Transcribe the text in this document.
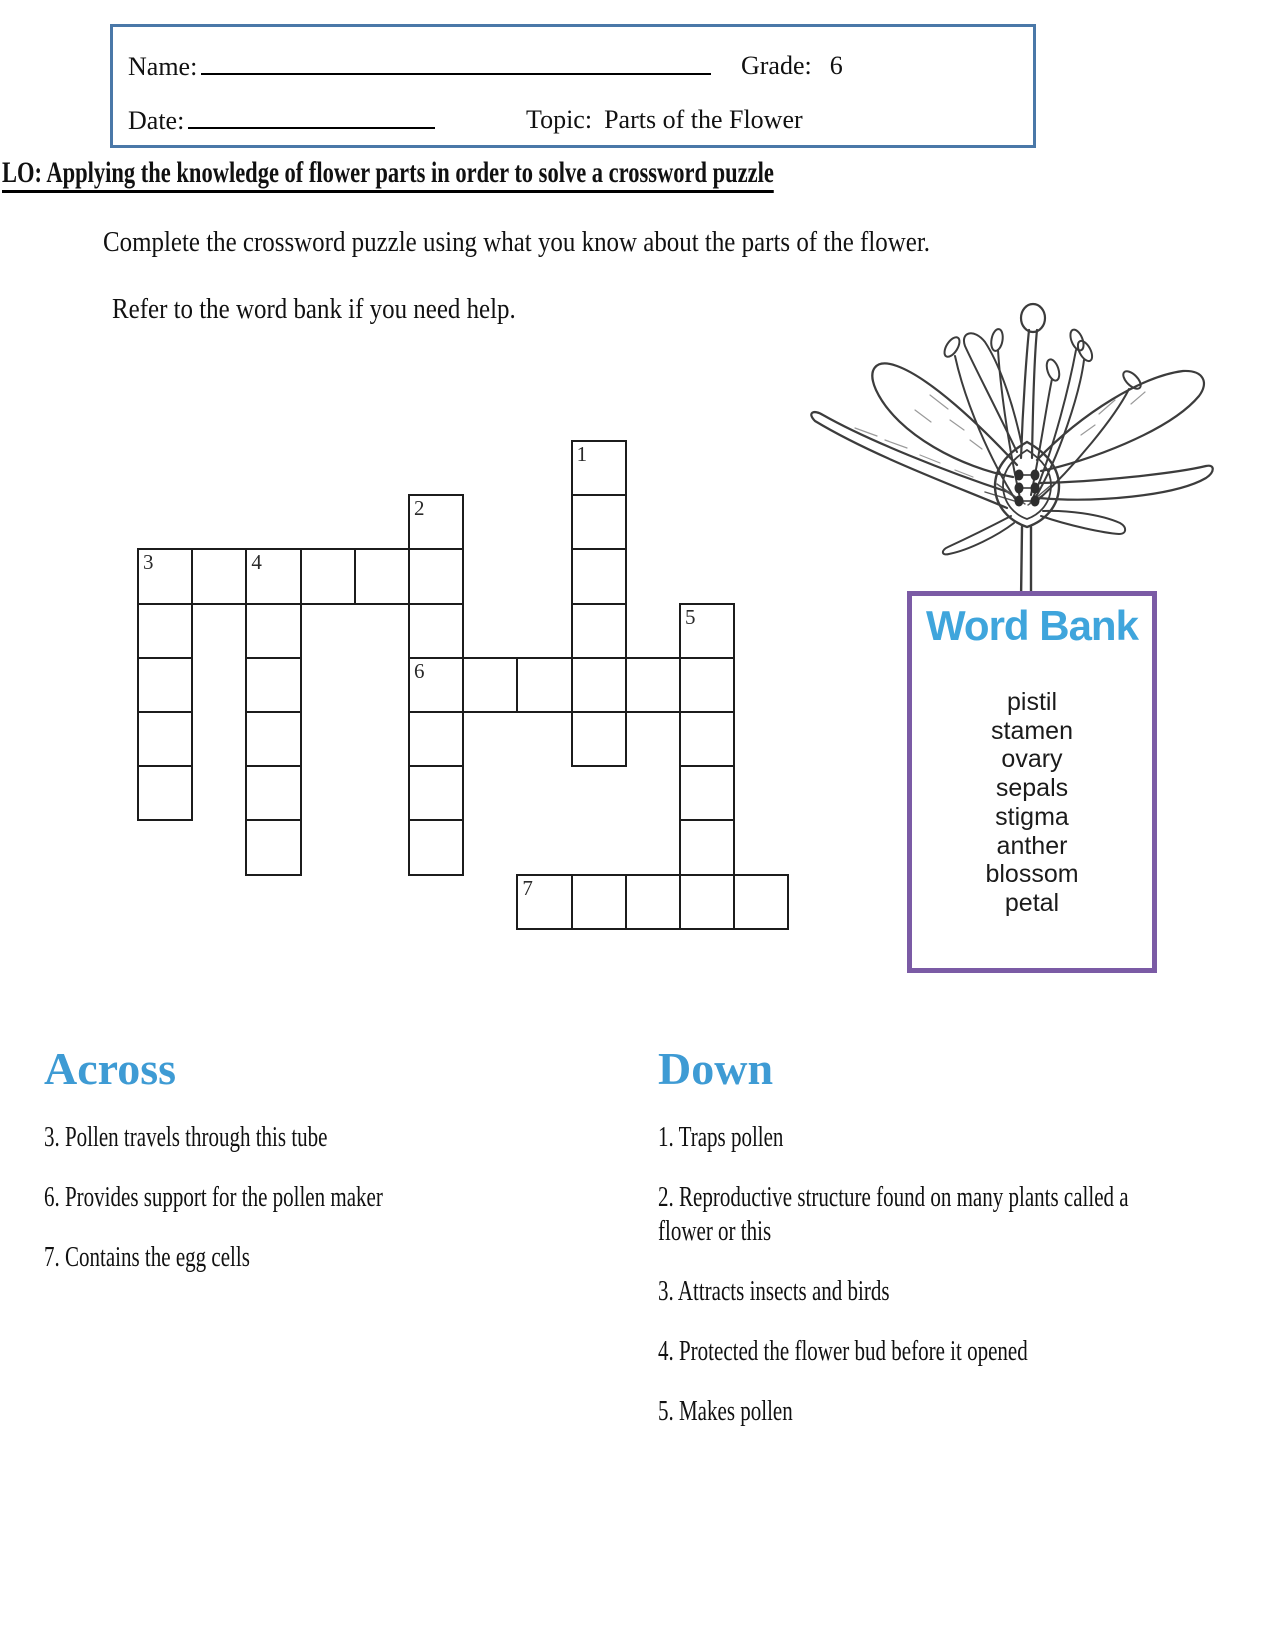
Name:	Grade: 6
Date:	Topic: Parts of the Flower
LO: Applying the knowledge of flower parts in order to solve a crossword puzzle
Complete the crossword puzzle using what you know about the parts of the flower.
Refer to the word bank if you need help.
1
2
6
3	4
5
7
Word Bank
pistil
stamen
ovary
sepals
stigma
anther
blossom
petal
Across
3. Pollen travels through this tube
6. Provides support for the pollen maker
7. Contains the egg cells
Down
1. Traps pollen
2. Reproductive structure found on many plants called a flower or this
3. Attracts insects and birds
4. Protected the flower bud before it opened
5. Makes pollen
